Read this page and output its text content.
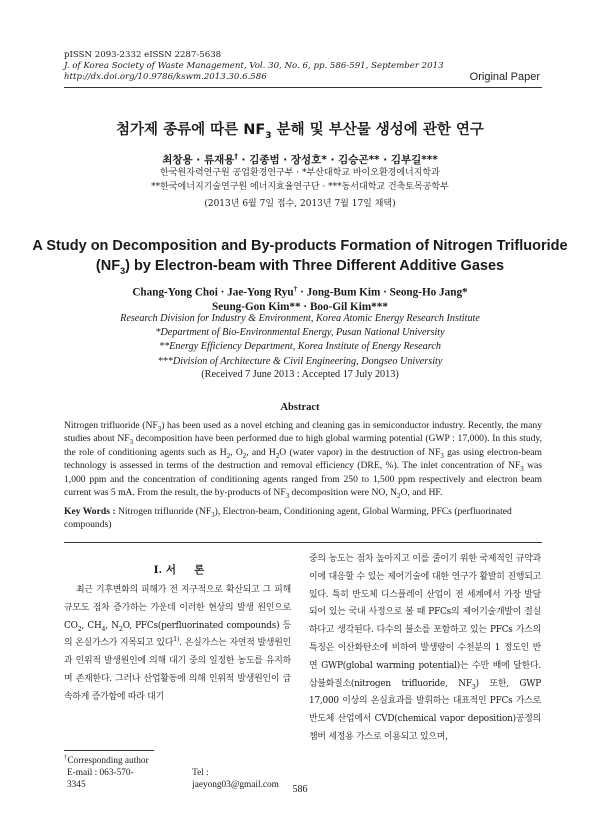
pISSN 2093-2332 eISSN 2287-5638
J. of Korea Society of Waste Management, Vol. 30, No. 6, pp. 586-591, September 2013
http://dx.doi.org/10.9786/kswm.2013.30.6.586	Original Paper
첨가제 종류에 따른 $NF_3$ 분해 및 부산물 생성에 관한 연구
최창용 · 류재용† · 김종범 · 장성호* · 김승곤** · 김부길***
한국원자력연구원 공업환경연구부 · *부산대학교 바이오환경에너지학과
**한국에너지기술연구원 에너지효율연구단 · ***동서대학교 건축토목공학부
(2013년 6월 7일 접수, 2013년 7월 17일 채택)
A Study on Decomposition and By-products Formation of Nitrogen Trifluoride
$(NF_3)$ by Electron-beam with Three Different Additive Gases
Chang-Yong Choi · Jae-Yong Ryu† · Jong-Bum Kim · Seong-Ho Jang*
Seung-Gon Kim** · Boo-Gil Kim***
Research Division for Industry & Environment, Korea Atomic Energy Research Institute
*Department of Bio-Environmental Energy, Pusan National University
**Energy Efficiency Department, Korea Institute of Energy Research
***Division of Architecture & Civil Engineering, Dongseo University
(Received 7 June 2013 : Accepted 17 July 2013)
Abstract
Nitrogen trifluoride $(NF_3)$ has been used as a novel etching and cleaning gas in semiconductor industry. Recently, the many studies about $NF_3$ decomposition have been performed due to high global warming potential (GWP : 17,000). In this study, the role of conditioning agents such as $H_2$, $O_2$, and $H_2O$ (water vapor) in the destruction of $NF_3$ gas using electron-beam technology is assessed in terms of the destruction and removal efficiency (DRE, %). The inlet concentration of $NF_3$ was 1,000 ppm and the concentration of conditioning agents ranged from 250 to 1,500 ppm respectively and electron beam current was 5 mA. From the result, the by-products of $NF_3$ decomposition were NO, $N_2O$, and HF.
Key Words : Nitrogen trifluoride $(NF_3)$, Electron-beam, Conditioning agent, Global Warming, PFCs (perfluorinated compounds)
I. 서     론

최근 기후변화의 피해가 전 지구적으로 확산되고 그 피해규모도 점차 증가하는 가운데 이러한 현상의 발생 원인으로 $CO_2$, $CH_4$, $N_2O$, PFCs(perfluorinated compounds) 등의 온실가스가 지목되고 있다$^{1)}$. 온실가스는 자연적 발생원인과 인위적 발생원인에 의해 대기 중의 일정한 농도를 유지하며 존재한다. 그러나 산업활동에 의해 인위적 발생원인이 급속하게 증가함에 따라 대기

중의 농도는 점차 높아지고 이를 줄이기 위한 국제적인 규약과 이에 대응할 수 있는 제어기술에 대한 연구가 활발히 진행되고 있다. 특히 반도체 디스플레이 산업이 전 세계에서 가장 발달되어 있는 국내 사정으로 볼 때 PFCs의 제어기술개발이 절실하다고 생각된다. 다수의 불소를 포함하고 있는 PFCs 가스의 특징은 이산화탄소에 비하여 발생량이 수천분의 1 정도인 반면 GWP(global warming potential)는 수만 배에 달한다. 삼불화질소(nitrogen trifluoride, $NF_3$) 또한, GWP 17,000 이상의 온실효과를 발휘하는 대표적인 PFCs 가스로 반도체 산업에서 CVD(chemical vapor deposition)공정의 챔버 세정용 가스로 이용되고 있으며,

†Corresponding author
E-mail : 063-570-3345
Tel : jaeyong03@gmail.com	586
